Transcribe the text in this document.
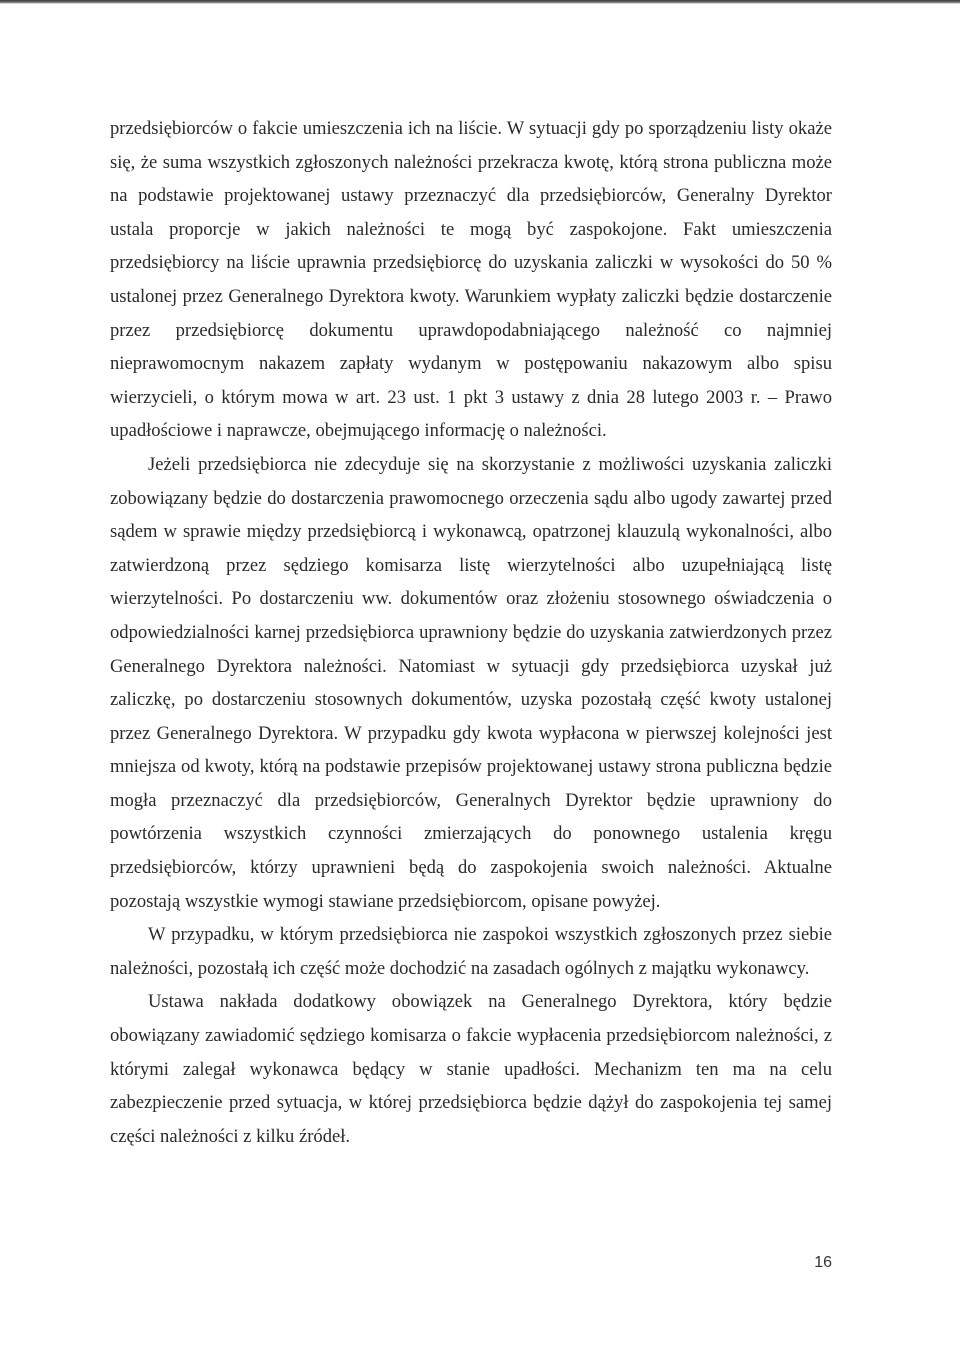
przedsiębiorców o fakcie umieszczenia ich na liście. W sytuacji gdy po sporządzeniu listy okaże się, że suma wszystkich zgłoszonych należności przekracza kwotę, którą strona publiczna może na podstawie projektowanej ustawy przeznaczyć dla przedsiębiorców, Generalny Dyrektor ustala proporcje w jakich należności te mogą być zaspokojone. Fakt umieszczenia przedsiębiorcy na liście uprawnia przedsiębiorcę do uzyskania zaliczki w wysokości do 50 % ustalonej przez Generalnego Dyrektora kwoty. Warunkiem wypłaty zaliczki będzie dostarczenie przez przedsiębiorcę dokumentu uprawdopodabniającego należność co najmniej nieprawomocnym nakazem zapłaty wydanym w postępowaniu nakazowym albo spisu wierzycieli, o którym mowa w art. 23 ust. 1 pkt 3 ustawy z dnia 28 lutego 2003 r. – Prawo upadłościowe i naprawcze, obejmującego informację o należności.

Jeżeli przedsiębiorca nie zdecyduje się na skorzystanie z możliwości uzyskania zaliczki zobowiązany będzie do dostarczenia prawomocnego orzeczenia sądu albo ugody zawartej przed sądem w sprawie między przedsiębiorcą i wykonawcą, opatrzonej klauzulą wykonalności, albo zatwierdzoną przez sędziego komisarza listę wierzytelności albo uzupełniającą listę wierzytelności. Po dostarczeniu ww. dokumentów oraz złożeniu stosownego oświadczenia o odpowiedzialności karnej przedsiębiorca uprawniony będzie do uzyskania zatwierdzonych przez Generalnego Dyrektora należności. Natomiast w sytuacji gdy przedsiębiorca uzyskał już zaliczkę, po dostarczeniu stosownych dokumentów, uzyska pozostałą część kwoty ustalonej przez Generalnego Dyrektora. W przypadku gdy kwota wypłacona w pierwszej kolejności jest mniejsza od kwoty, którą na podstawie przepisów projektowanej ustawy strona publiczna będzie mogła przeznaczyć dla przedsiębiorców, Generalnych Dyrektor będzie uprawniony do powtórzenia wszystkich czynności zmierzających do ponownego ustalenia kręgu przedsiębiorców, którzy uprawnieni będą do zaspokojenia swoich należności. Aktualne pozostają wszystkie wymogi stawiane przedsiębiorcom, opisane powyżej.

W przypadku, w którym przedsiębiorca nie zaspokoi wszystkich zgłoszonych przez siebie należności, pozostałą ich część może dochodzić na zasadach ogólnych z majątku wykonawcy.

Ustawa nakłada dodatkowy obowiązek na Generalnego Dyrektora, który będzie obowiązany zawiadomić sędziego komisarza o fakcie wypłacenia przedsiębiorcom należności, z którymi zalegał wykonawca będący w stanie upadłości. Mechanizm ten ma na celu zabezpieczenie przed sytuacja, w której przedsiębiorca będzie dążył do zaspokojenia tej samej części należności z kilku źródeł.

16
